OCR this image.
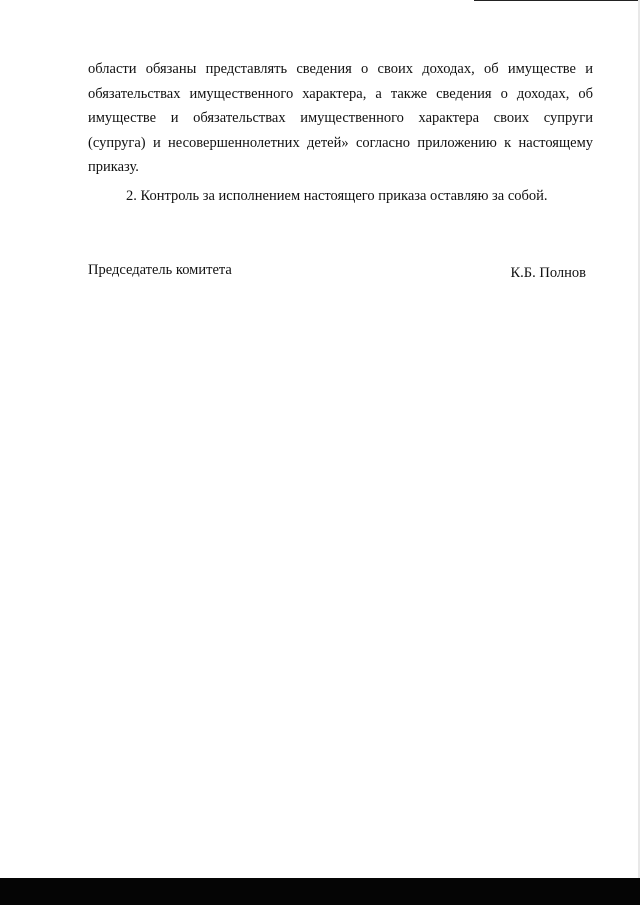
области обязаны представлять сведения о своих доходах, об имуществе и
обязательствах имущественного характера, а также сведения о доходах, об
имуществе и обязательствах имущественного характера своих супруги
(супруга) и несовершеннолетних детей» согласно приложению к настоящему
приказу.
2. Контроль за исполнением настоящего приказа оставляю за собой.
Председатель комитета	К.Б. Полнов
